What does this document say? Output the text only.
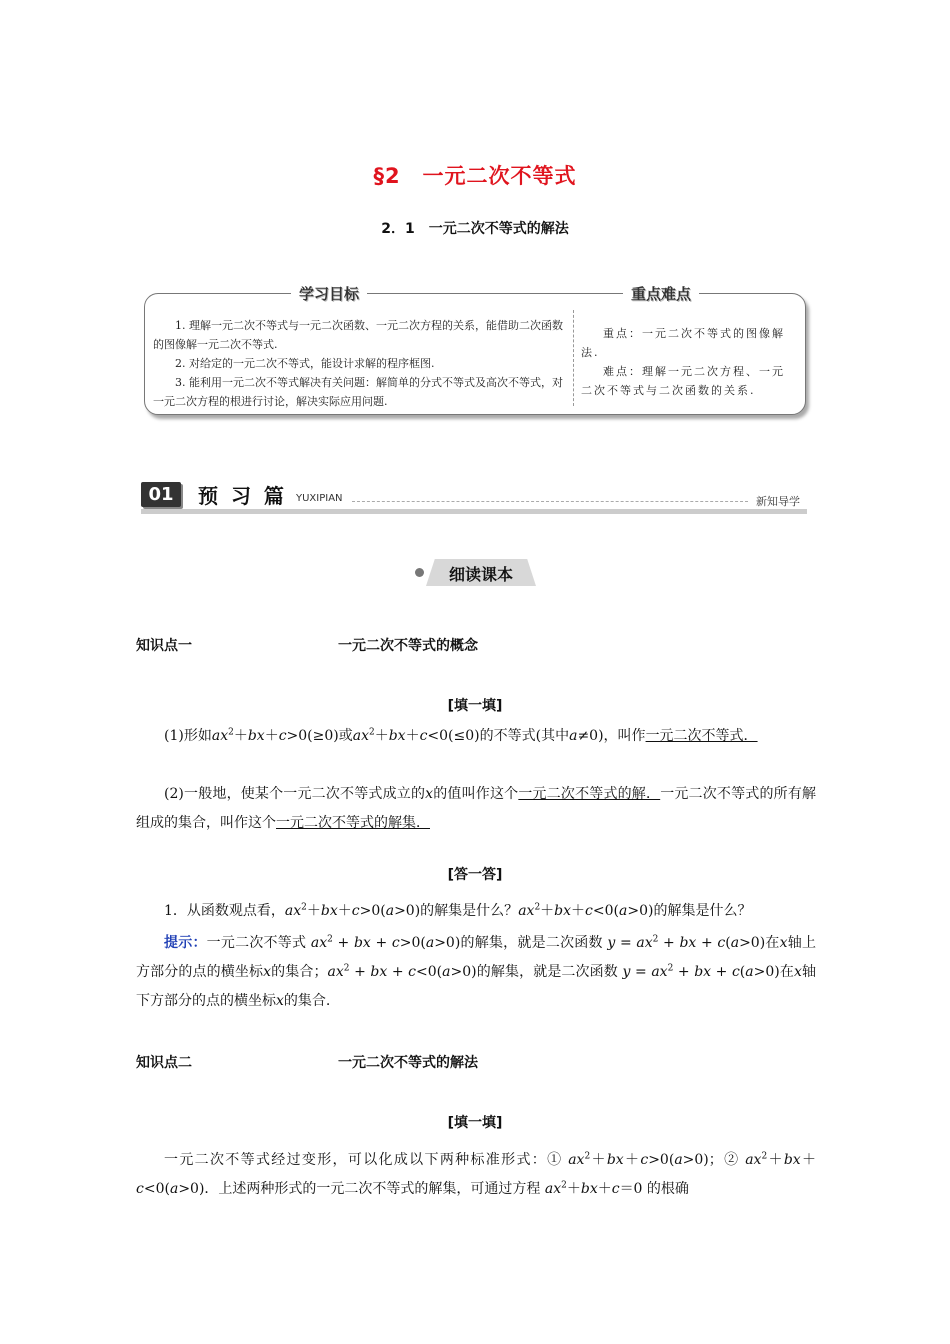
§2　一元二次不等式
2．1　一元二次不等式的解法
学习目标	重点难点
1. 理解一元二次不等式与一元二次函数、一元二次方程的关系，能借助二次函数的图像解一元二次不等式.
2. 对给定的一元二次不等式，能设计求解的程序框图.
3. 能利用一元二次不等式解决有关问题：解简单的分式不等式及高次不等式，对一元二次方程的根进行讨论，解决实际应用问题.
重点：一元二次不等式的图像解法.
难点：理解一元二次方程、一元二次不等式与二次函数的关系.
01	预 习 篇 YUXIPIAN	新知导学
细读课本
知识点一	一元二次不等式的概念
[填一填]
(1)形如$ax^2+bx+c>0(\ge 0)$或$ax^2+bx+c<0(\le 0)$的不等式(其中a≠0)，叫作一元二次不等式．
(2)一般地，使某个一元二次不等式成立的x的值叫作这个一元二次不等式的解．一元二次不等式的所有解组成的集合，叫作这个一元二次不等式的解集．
[答一答]
1．从函数观点看，$ax^2+bx+c>0(a>0)$的解集是什么？$ax^2+bx+c<0(a>0)$的解集是什么？
提示：一元二次不等式 $ax^2$ + bx + c>0(a>0)的解集，就是二次函数 $y = ax^2$ + bx + c(a>0)在x轴上方部分的点的横坐标x的集合；$ax^2$ + bx + c<0(a>0)的解集，就是二次函数 $y = ax^2$ + bx + c(a>0)在x轴下方部分的点的横坐标x的集合.
知识点二	一元二次不等式的解法
[填一填]
一元二次不等式经过变形，可以化成以下两种标准形式：① $ax^2+bx+c>0(a>0)$；② $ax^2+bx+c<0(a>0)$．上述两种形式的一元二次不等式的解集，可通过方程 $ax^2+bx+c=0$ 的根确
